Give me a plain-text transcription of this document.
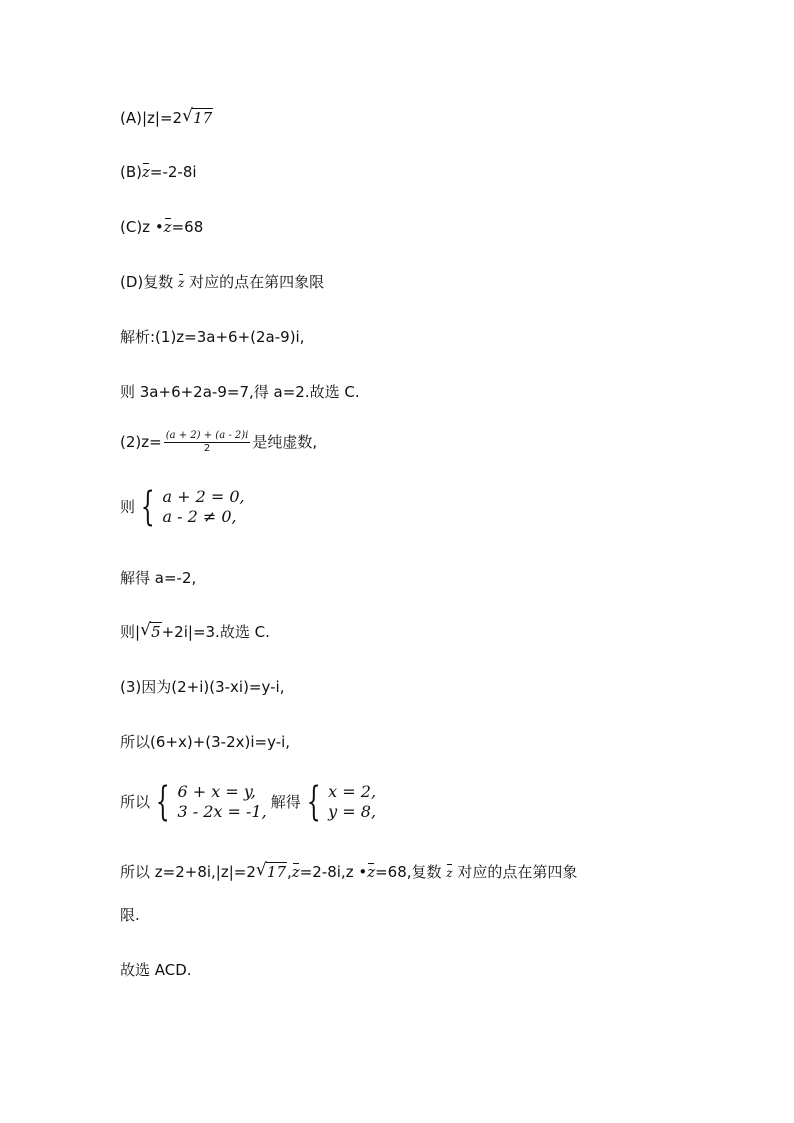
(A)|z|=2 √ 17
(B)z=-2-8i
(C)z •z=68
(D)复数 z 对应的点在第四象限
解析:(1)z=3a+6+(2a-9)i,
则 3a+6+2a-9=7,得 a=2.故选 C.
$(2)z= \frac{(a + 2) + (a - 2)i}{2}$ 是纯虚数,
则 { a + 2 = 0,
a - 2 ≠ 0,
解得 a=-2,
则| √ 5+2i|=3.故选 C.
(3)因为(2+i)(3-xi)=y-i,
所以(6+x)+(3-2x)i=y-i,
所以 { 6 + x = y,
3 - 2x = -1, 解得 { x = 2,
y = 8,
所以 z=2+8i,|z|=2 √ 17,z=2-8i,z •z=68,复数 z 对应的点在第四象
限.
故选 ACD.
